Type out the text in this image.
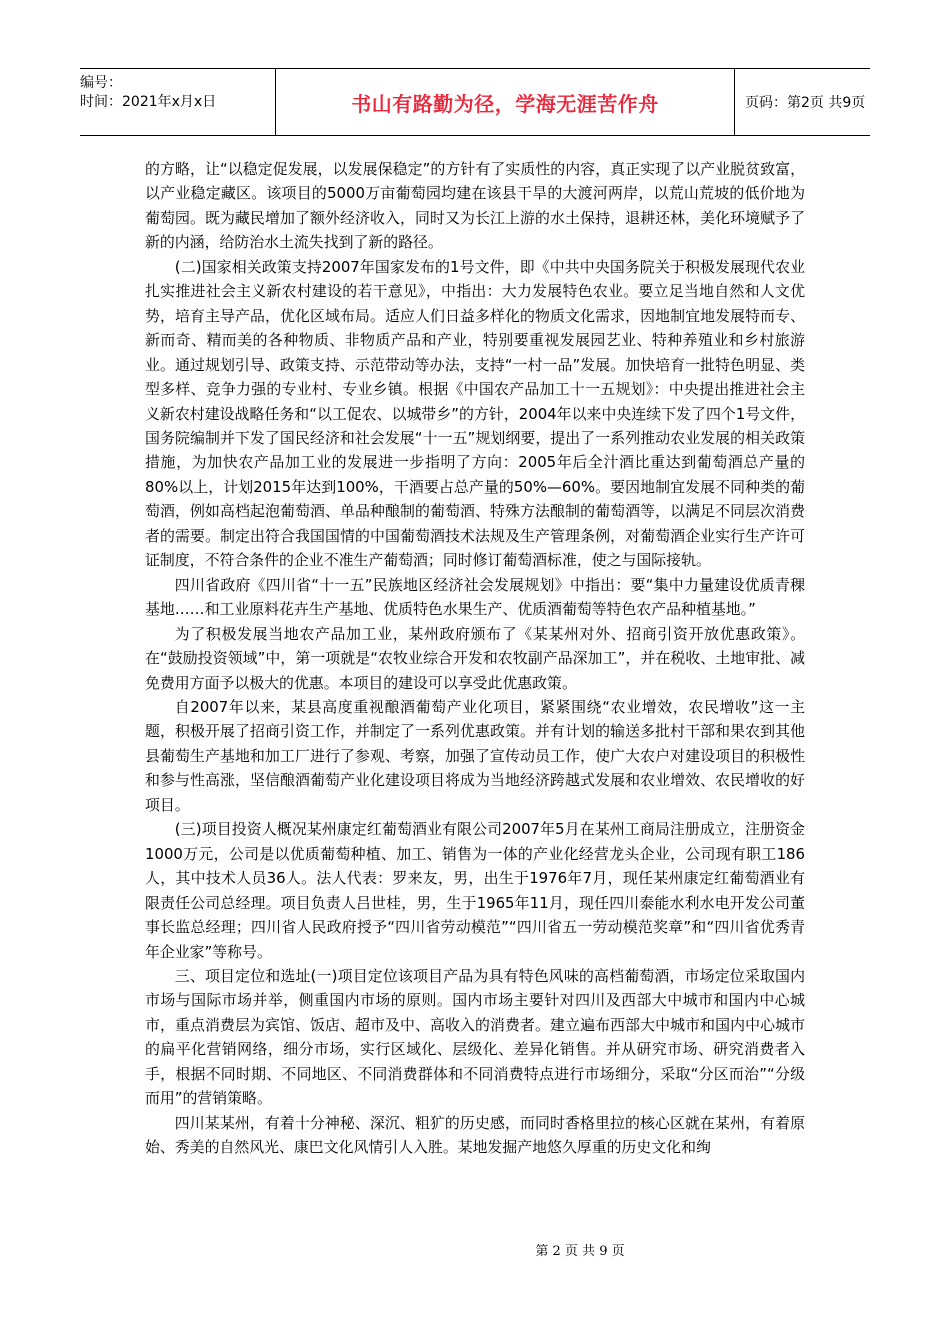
编号：
时间：2021年x月x日	书山有路勤为径，学海无涯苦作舟	页码：第2页 共9页

的方略，让“以稳定促发展，以发展保稳定”的方针有了实质性的内容，真正实现了以产业脱贫致富，以产业稳定藏区。该项目的5000万亩葡萄园均建在该县干旱的大渡河两岸，以荒山荒坡的低价地为葡萄园。既为藏民增加了额外经济收入，同时又为长江上游的水土保持，退耕还林，美化环境赋予了新的内涵，给防治水土流失找到了新的路径。

(二)国家相关政策支持2007年国家发布的1号文件，即《中共中央国务院关于积极发展现代农业扎实推进社会主义新农村建设的若干意见》，中指出：大力发展特色农业。要立足当地自然和人文优势，培育主导产品，优化区域布局。适应人们日益多样化的物质文化需求，因地制宜地发展特而专、新而奇、精而美的各种物质、非物质产品和产业，特别要重视发展园艺业、特种养殖业和乡村旅游业。通过规划引导、政策支持、示范带动等办法，支持“一村一品”发展。加快培育一批特色明显、类型多样、竞争力强的专业村、专业乡镇。根据《中国农产品加工十一五规划》：中央提出推进社会主义新农村建设战略任务和“以工促农、以城带乡”的方针，2004年以来中央连续下发了四个1号文件，国务院编制并下发了国民经济和社会发展“十一五”规划纲要，提出了一系列推动农业发展的相关政策措施，为加快农产品加工业的发展进一步指明了方向：2005年后全汁酒比重达到葡萄酒总产量的80%以上，计划2015年达到100%，干酒要占总产量的50%—60%。要因地制宜发展不同种类的葡萄酒，例如高档起泡葡萄酒、单品种酿制的葡萄酒、特殊方法酿制的葡萄酒等，以满足不同层次消费者的需要。制定出符合我国国情的中国葡萄酒技术法规及生产管理条例，对葡萄酒企业实行生产许可证制度，不符合条件的企业不准生产葡萄酒；同时修订葡萄酒标准，使之与国际接轨。

四川省政府《四川省“十一五”民族地区经济社会发展规划》中指出：要“集中力量建设优质青稞基地……和工业原料花卉生产基地、优质特色水果生产、优质酒葡萄等特色农产品种植基地。”

为了积极发展当地农产品加工业，某州政府颁布了《某某州对外、招商引资开放优惠政策》。在“鼓励投资领域”中，第一项就是“农牧业综合开发和农牧副产品深加工”，并在税收、土地审批、减免费用方面予以极大的优惠。本项目的建设可以享受此优惠政策。

自2007年以来，某县高度重视酿酒葡萄产业化项目，紧紧围绕“农业增效，农民增收”这一主题，积极开展了招商引资工作，并制定了一系列优惠政策。并有计划的输送多批村干部和果农到其他县葡萄生产基地和加工厂进行了参观、考察，加强了宣传动员工作，使广大农户对建设项目的积极性和参与性高涨，坚信酿酒葡萄产业化建设项目将成为当地经济跨越式发展和农业增效、农民增收的好项目。

(三)项目投资人概况某州康定红葡萄酒业有限公司2007年5月在某州工商局注册成立，注册资金1000万元，公司是以优质葡萄种植、加工、销售为一体的产业化经营龙头企业，公司现有职工186人，其中技术人员36人。法人代表：罗来友，男，出生于1976年7月，现任某州康定红葡萄酒业有限责任公司总经理。项目负责人吕世桂，男，生于1965年11月，现任四川泰能水利水电开发公司董事长监总经理；四川省人民政府授予“四川省劳动模范”“四川省五一劳动模范奖章”和“四川省优秀青年企业家”等称号。

三、项目定位和选址(一)项目定位该项目产品为具有特色风味的高档葡萄酒，市场定位采取国内市场与国际市场并举，侧重国内市场的原则。国内市场主要针对四川及西部大中城市和国内中心城市，重点消费层为宾馆、饭店、超市及中、高收入的消费者。建立遍布西部大中城市和国内中心城市的扁平化营销网络，细分市场，实行区域化、层级化、差异化销售。并从研究市场、研究消费者入手，根据不同时期、不同地区、不同消费群体和不同消费特点进行市场细分，采取“分区而治”“分级而用”的营销策略。

四川某某州，有着十分神秘、深沉、粗犷的历史感，而同时香格里拉的核心区就在某州，有着原始、秀美的自然风光、康巴文化风情引人入胜。某地发掘产地悠久厚重的历史文化和绚

第 2 页 共 9 页
